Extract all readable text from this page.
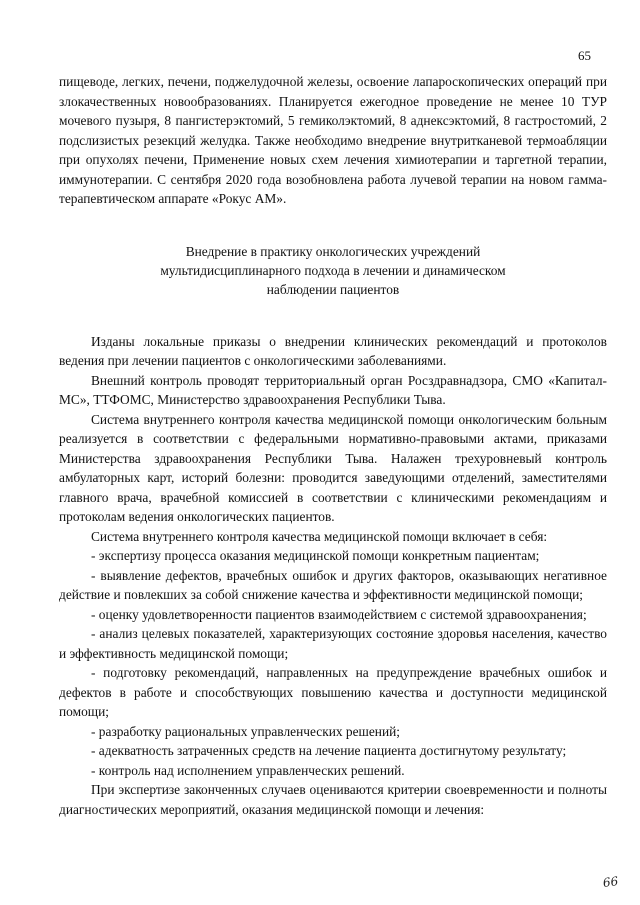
65

пищеводе, легких, печени, поджелудочной железы, освоение лапароскопических операций при злокачественных новообразованиях. Планируется ежегодное проведение не менее 10 ТУР мочевого пузыря, 8 пангистерэктомий, 5 гемиколэктомий, 8 аднексэктомий, 8 гастростомий, 2 подслизистых резекций желудка. Также необходимо внедрение внутритканевой термоабляции при опухолях печени, Применение новых схем лечения химиотерапии и таргетной терапии, иммунотерапии. С сентября 2020 года возобновлена работа лучевой терапии на новом гамма-терапевтическом аппарате «Рокус АМ».

Внедрение в практику онкологических учреждений
мультидисциплинарного подхода в лечении и динамическом
наблюдении пациентов

Изданы локальные приказы о внедрении клинических рекомендаций и протоколов ведения при лечении пациентов с онкологическими заболеваниями.

Внешний контроль проводят территориальный орган Росздравнадзора, СМО «Капитал-МС», ТТФОМС, Министерство здравоохранения Республики Тыва.

Система внутреннего контроля качества медицинской помощи онкологическим больным реализуется в соответствии с федеральными нормативно-правовыми актами, приказами Министерства здравоохранения Республики Тыва. Налажен трехуровневый контроль амбулаторных карт, историй болезни: проводится заведующими отделений, заместителями главного врача, врачебной комиссией в соответствии с клиническими рекомендациям и протоколам ведения онкологических пациентов.

Система внутреннего контроля качества медицинской помощи включает в себя:

- экспертизу процесса оказания медицинской помощи конкретным пациентам;

- выявление дефектов, врачебных ошибок и других факторов, оказывающих негативное действие и повлекших за собой снижение качества и эффективности медицинской помощи;

- оценку удовлетворенности пациентов взаимодействием с системой здравоохранения;

- анализ целевых показателей, характеризующих состояние здоровья населения, качество и эффективность медицинской помощи;

- подготовку рекомендаций, направленных на предупреждение врачебных ошибок и дефектов в работе и способствующих повышению качества и доступности медицинской помощи;

- разработку рациональных управленческих решений;

- адекватность затраченных средств на лечение пациента достигнутому результату;

- контроль над исполнением управленческих решений.

При экспертизе законченных случаев оцениваются критерии своевременности и полноты диагностических мероприятий, оказания медицинской помощи и лечения:

66
